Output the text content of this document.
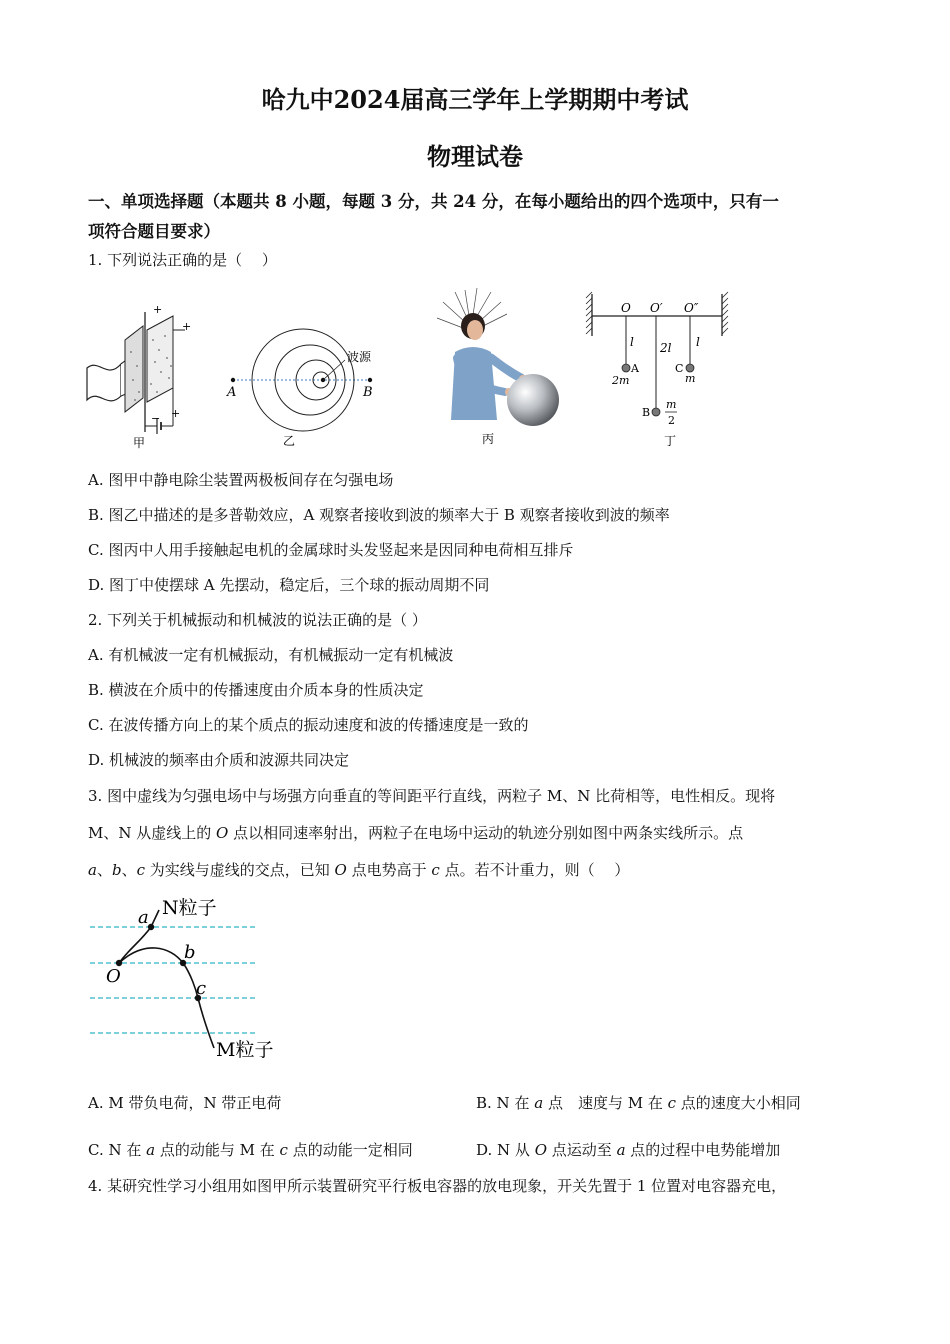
哈九中2024届高三学年上学期期中考试
物理试卷
一、单项选择题（本题共 8 小题，每题 3 分，共 24 分，在每小题给出的四个选项中，只有一
项符合题目要求）
1. 下列说法正确的是（　 ）
+
+
−
+
甲
波源
A	B
乙	丙
O O′ O″
l 2l l
A
2m
B
m
2
C
m
丁
A. 图甲中静电除尘装置两极板间存在匀强电场
B. 图乙中描述的是多普勒效应，A 观察者接收到波的频率大于 B 观察者接收到波的频率
C. 图丙中人用手接触起电机的金属球时头发竖起来是因同种电荷相互排斥
D. 图丁中使摆球 A 先摆动，稳定后，三个球的振动周期不同
2. 下列关于机械振动和机械波的说法正确的是（ ）
A. 有机械波一定有机械振动，有机械振动一定有机械波
B. 横波在介质中的传播速度由介质本身的性质决定
C. 在波传播方向上的某个质点的振动速度和波的传播速度是一致的
D. 机械波的频率由介质和波源共同决定
3. 图中虚线为匀强电场中与场强方向垂直的等间距平行直线，两粒子 M、N 比荷相等，电性相反。现将
M、N 从虚线上的 O 点以相同速率射出，两粒子在电场中运动的轨迹分别如图中两条实线所示。点
a、b、c 为实线与虚线的交点，已知 O 点电势高于 c 点。若不计重力，则（　 ）
a
b
c
O
N粒子
M粒子
A. M 带负电荷，N 带正电荷	B. N 在 a 点　速度与 M 在 c 点的速度大小相同
C. N 在 a 点的动能与 M 在 c 点的动能一定相同	D. N 从 O 点运动至 a 点的过程中电势能增加
4. 某研究性学习小组用如图甲所示装置研究平行板电容器的放电现象，开关先置于 1 位置对电容器充电，
